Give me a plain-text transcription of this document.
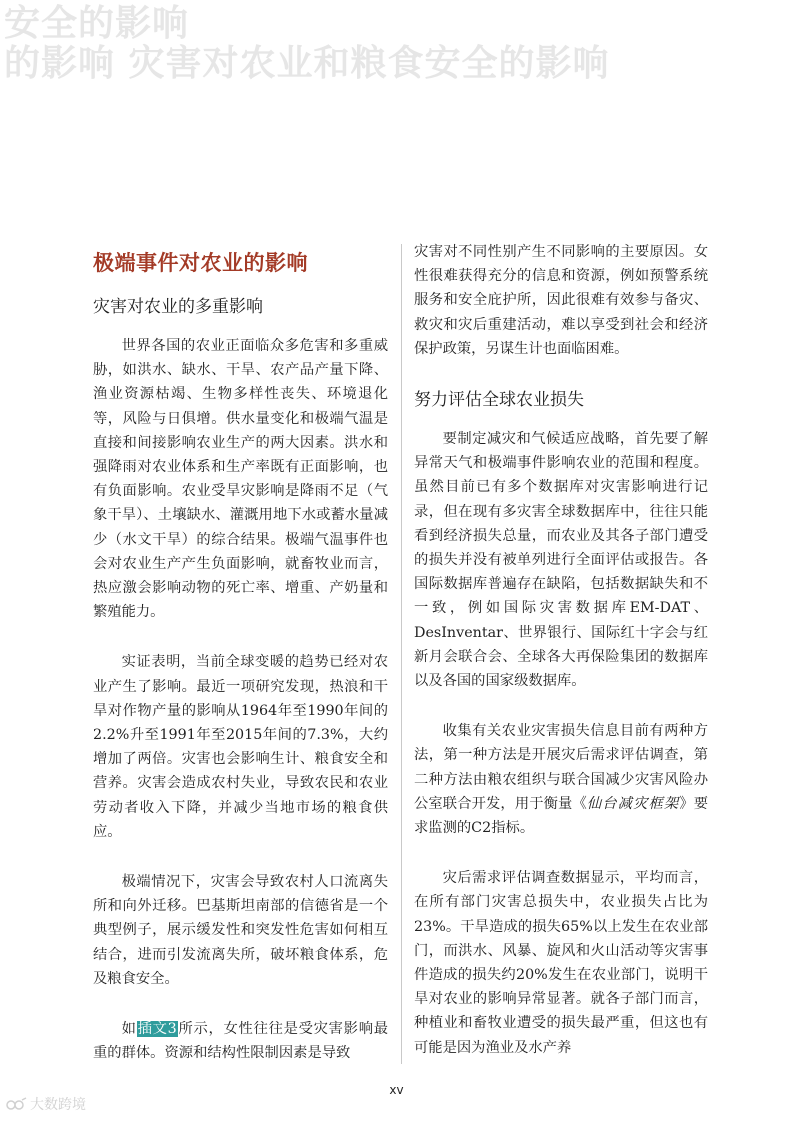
安全的影响
的影响 灾害对农业和粮食安全的影响
极端事件对农业的影响
灾害对农业的多重影响

世界各国的农业正面临众多危害和多重威胁，如洪水、缺水、干旱、农产品产量下降、渔业资源枯竭、生物多样性丧失、环境退化等，风险与日俱增。供水量变化和极端气温是直接和间接影响农业生产的两大因素。洪水和强降雨对农业体系和生产率既有正面影响，也有负面影响。农业受旱灾影响是降雨不足（气象干旱）、土壤缺水、灌溉用地下水或蓄水量减少（水文干旱）的综合结果。极端气温事件也会对农业生产产生负面影响，就畜牧业而言，热应激会影响动物的死亡率、增重、产奶量和繁殖能力。

实证表明，当前全球变暖的趋势已经对农业产生了影响。最近一项研究发现，热浪和干旱对作物产量的影响从1964年至1990年间的2.2%升至1991年至2015年间的7.3%，大约增加了两倍。灾害也会影响生计、粮食安全和营养。灾害会造成农村失业，导致农民和农业劳动者收入下降，并减少当地市场的粮食供应。

极端情况下，灾害会导致农村人口流离失所和向外迁移。巴基斯坦南部的信德省是一个典型例子，展示缓发性和突发性危害如何相互结合，进而引发流离失所，破坏粮食体系，危及粮食安全。

如插文3所示，女性往往是受灾害影响最重的群体。资源和结构性限制因素是导致

灾害对不同性别产生不同影响的主要原因。女性很难获得充分的信息和资源，例如预警系统服务和安全庇护所，因此很难有效参与备灾、救灾和灾后重建活动，难以享受到社会和经济保护政策，另谋生计也面临困难。

努力评估全球农业损失

要制定减灾和气候适应战略，首先要了解异常天气和极端事件影响农业的范围和程度。虽然目前已有多个数据库对灾害影响进行记录，但在现有多灾害全球数据库中，往往只能看到经济损失总量，而农业及其各子部门遭受的损失并没有被单列进行全面评估或报告。各国际数据库普遍存在缺陷，包括数据缺失和不一致，例如国际灾害数据库EM-DAT、DesInventar、世界银行、国际红十字会与红新月会联合会、全球各大再保险集团的数据库以及各国的国家级数据库。

收集有关农业灾害损失信息目前有两种方法，第一种方法是开展灾后需求评估调查，第二种方法由粮农组织与联合国减少灾害风险办公室联合开发，用于衡量《仙台减灾框架》要求监测的C2指标。

灾后需求评估调查数据显示，平均而言，在所有部门灾害总损失中，农业损失占比为23%。干旱造成的损失65%以上发生在农业部门，而洪水、风暴、旋风和火山活动等灾害事件造成的损失约20%发生在农业部门，说明干旱对农业的影响异常显著。就各子部门而言，种植业和畜牧业遭受的损失最严重，但这也有可能是因为渔业及水产养

xv
大数跨境
